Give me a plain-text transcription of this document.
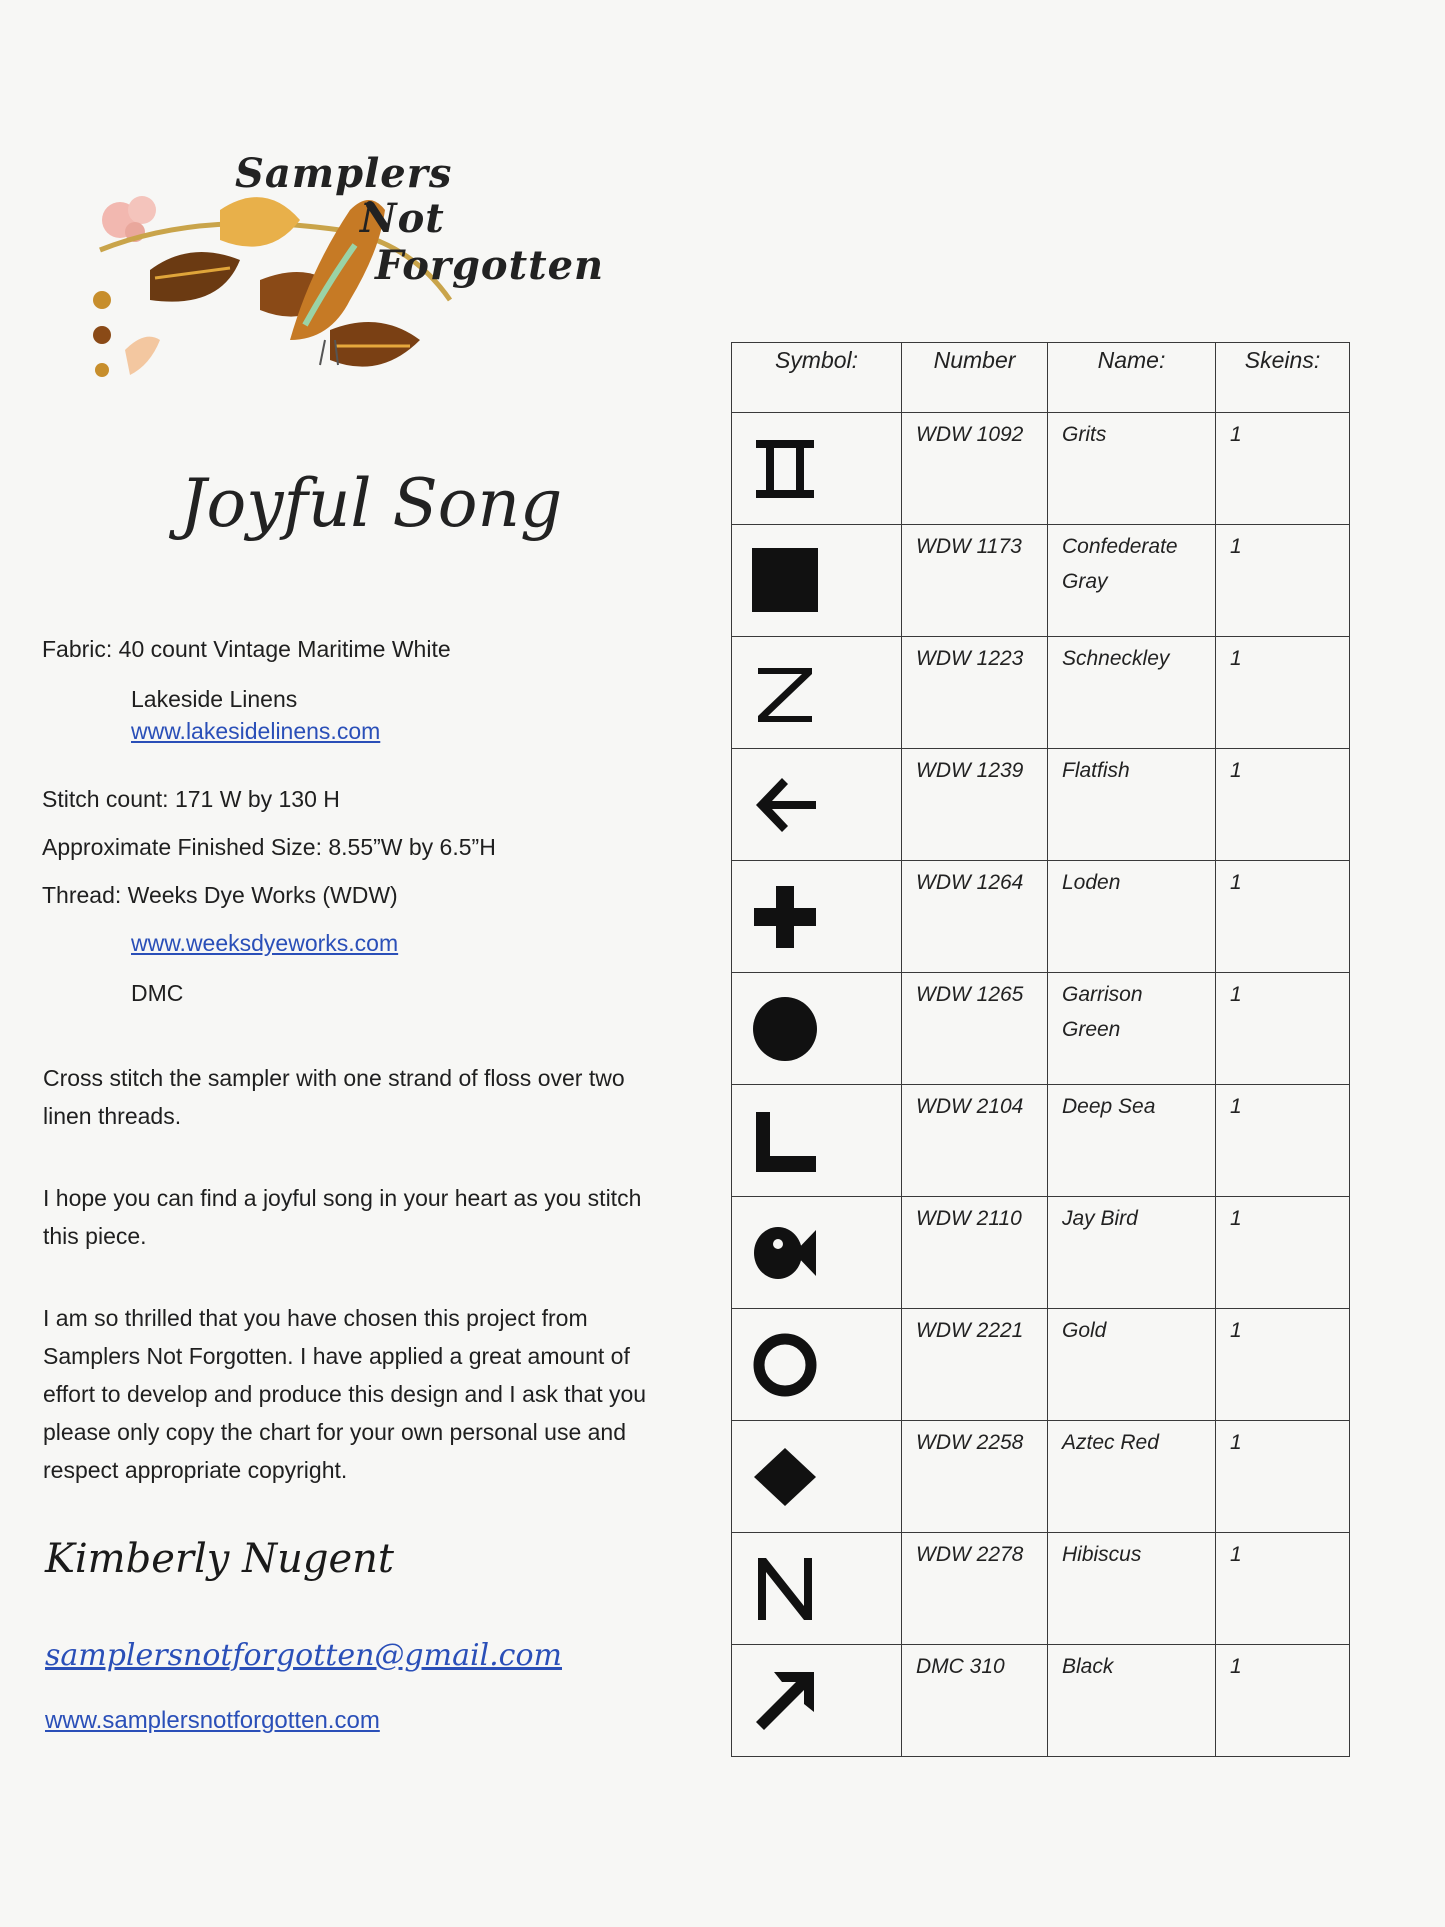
Samplers
Not
Forgotten
Joyful Song
Fabric: 40 count Vintage Maritime White
Lakeside Linens
www.lakesidelinens.com
Stitch count: 171 W by 130 H
Approximate Finished Size: 8.55”W by 6.5”H
Thread: Weeks Dye Works (WDW)
www.weeksdyeworks.com
DMC
Cross stitch the sampler with one strand of floss over two linen threads.
I hope you can find a joyful song in your heart as you stitch this piece.
I am so thrilled that you have chosen this project from Samplers Not Forgotten. I have applied a great amount of effort to develop and produce this design and I ask that you please only copy the chart for your own personal use and respect appropriate copyright.
Kimberly Nugent
samplersnotforgotten@gmail.com
www.samplersnotforgotten.com
Symbol:	Number	Name:	Skeins:

	WDW 1092	Grits	1

	WDW 1173	Confederate Gray	1

	WDW 1223	Schneckley	1

	WDW 1239	Flatfish	1

	WDW 1264	Loden	1

	WDW 1265	Garrison Green	1

	WDW 2104	Deep Sea	1

	WDW 2110	Jay Bird	1

	WDW 2221	Gold	1

	WDW 2258	Aztec Red	1

	WDW 2278	Hibiscus	1

	DMC 310	Black	1
